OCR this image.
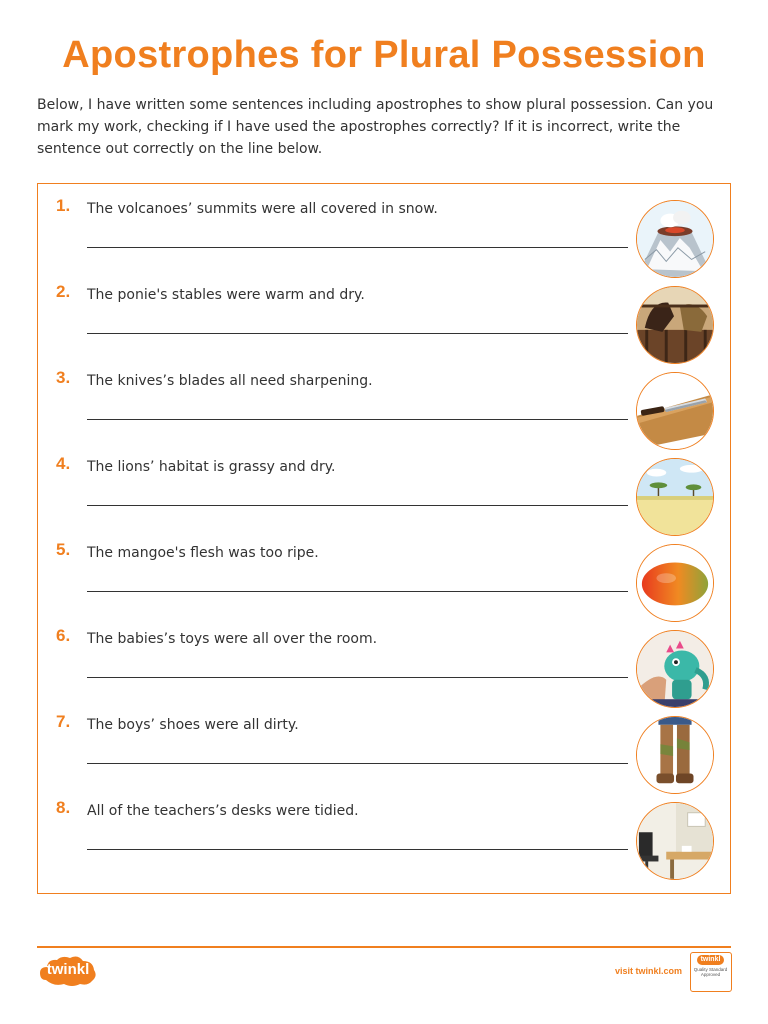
Apostrophes for Plural Possession

Below, I have written some sentences including apostrophes to show plural possession. Can you mark my work, checking if I have used the apostrophes correctly? If it is incorrect, write the sentence out correctly on the line below.

1. The volcanoes’ summits were all covered in snow.
2. The ponie's stables were warm and dry.
3. The knives’s blades all need sharpening.
4. The lions’ habitat is grassy and dry.
5. The mangoe's flesh was too ripe.
6. The babies’s toys were all over the room.
7. The boys’ shoes were all dirty.
8. All of the teachers’s desks were tidied.
twinkl	visit twinkl.com
twinkl
Quality Standard Approved
